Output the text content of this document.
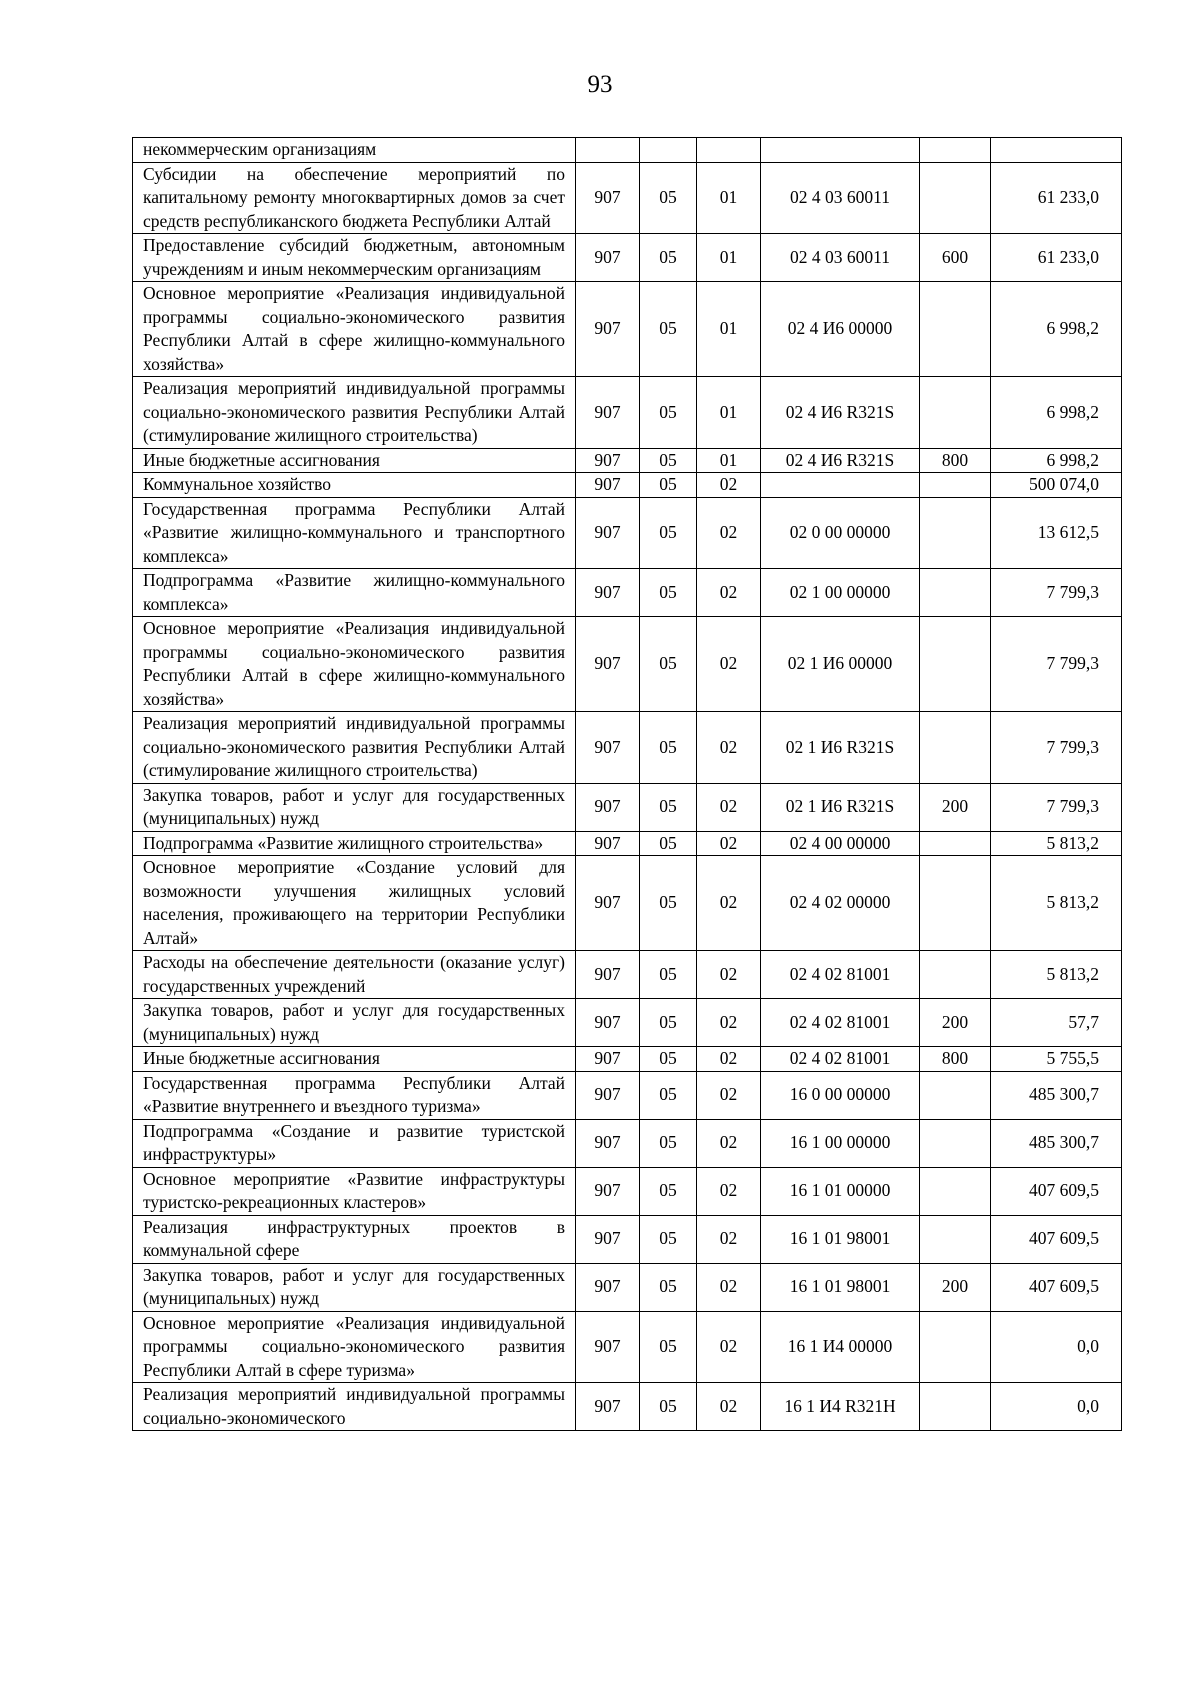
93
некоммерческим организациям						
Субсидии на обеспечение мероприятий по капитальному ремонту многоквартирных домов за счет средств республиканского бюджета Республики Алтай	907	05	01	02 4 03 60011		61 233,0
Предоставление субсидий бюджетным, автономным учреждениям и иным некоммерческим организациям	907	05	01	02 4 03 60011	600	61 233,0
Основное мероприятие «Реализация индивидуальной программы социально-экономического развития Республики Алтай в сфере жилищно-коммунального хозяйства»	907	05	01	02 4 И6 00000		6 998,2
Реализация мероприятий индивидуальной программы социально-экономического развития Республики Алтай (стимулирование жилищного строительства)	907	05	01	02 4 И6 R321S		6 998,2
Иные бюджетные ассигнования	907	05	01	02 4 И6 R321S	800	6 998,2
Коммунальное хозяйство	907	05	02			500 074,0
Государственная программа Республики Алтай «Развитие жилищно-коммунального и транспортного комплекса»	907	05	02	02 0 00 00000		13 612,5
Подпрограмма «Развитие жилищно-коммунального комплекса»	907	05	02	02 1 00 00000		7 799,3
Основное мероприятие «Реализация индивидуальной программы социально-экономического развития Республики Алтай в сфере жилищно-коммунального хозяйства»	907	05	02	02 1 И6 00000		7 799,3
Реализация мероприятий индивидуальной программы социально-экономического развития Республики Алтай (стимулирование жилищного строительства)	907	05	02	02 1 И6 R321S		7 799,3
Закупка товаров, работ и услуг для государственных (муниципальных) нужд	907	05	02	02 1 И6 R321S	200	7 799,3
Подпрограмма «Развитие жилищного строительства»	907	05	02	02 4 00 00000		5 813,2
Основное мероприятие «Создание условий для возможности улучшения жилищных условий населения, проживающего на территории Республики Алтай»	907	05	02	02 4 02 00000		5 813,2
Расходы на обеспечение деятельности (оказание услуг) государственных учреждений	907	05	02	02 4 02 81001		5 813,2
Закупка товаров, работ и услуг для государственных (муниципальных) нужд	907	05	02	02 4 02 81001	200	57,7
Иные бюджетные ассигнования	907	05	02	02 4 02 81001	800	5 755,5
Государственная программа Республики Алтай «Развитие внутреннего и въездного туризма»	907	05	02	16 0 00 00000		485 300,7
Подпрограмма «Создание и развитие туристской инфраструктуры»	907	05	02	16 1 00 00000		485 300,7
Основное мероприятие «Развитие инфраструктуры туристско-рекреационных кластеров»	907	05	02	16 1 01 00000		407 609,5
Реализация инфраструктурных проектов в коммунальной сфере	907	05	02	16 1 01 98001		407 609,5
Закупка товаров, работ и услуг для государственных (муниципальных) нужд	907	05	02	16 1 01 98001	200	407 609,5
Основное мероприятие «Реализация индивидуальной программы социально-экономического развития Республики Алтай в сфере туризма»	907	05	02	16 1 И4 00000		0,0
Реализация мероприятий индивидуальной программы социально-экономического	907	05	02	16 1 И4 R321Н		0,0
